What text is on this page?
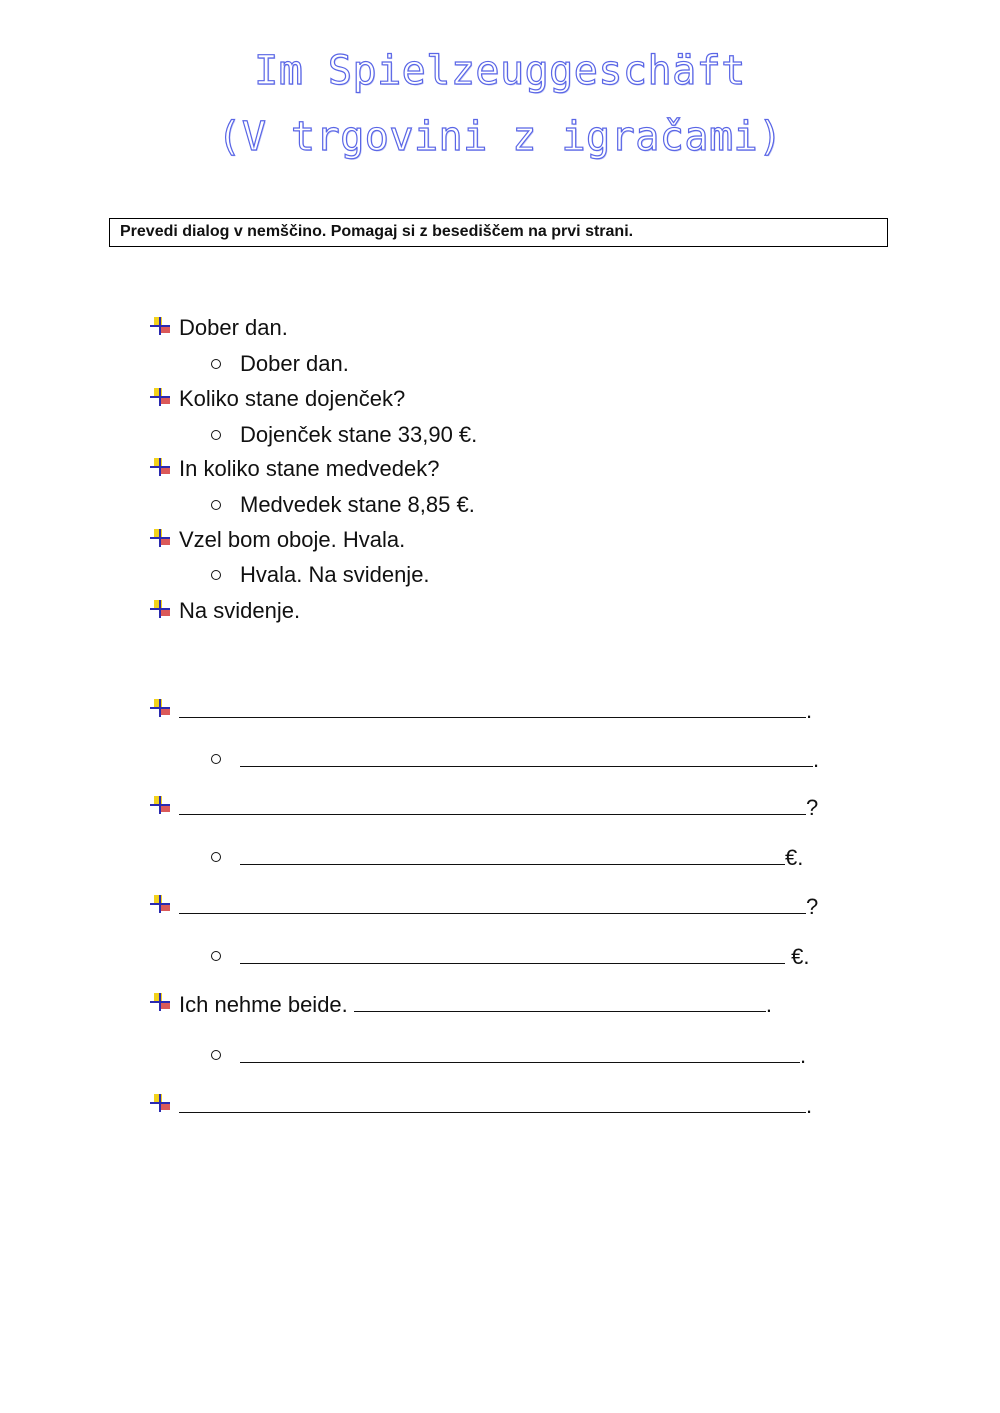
Im Spielzeuggeschäft
(V trgovini z igračami)
Prevedi dialog v nemščino. Pomagaj si z besediščem na prvi strani.
Dober dan.
Dober dan.
Koliko stane dojenček?
Dojenček stane 33,90 €.
In koliko stane medvedek?
Medvedek stane 8,85 €.
Vzel bom oboje. Hvala.
Hvala. Na svidenje.
Na svidenje.
.
.
?
€.
?
€.
Ich nehme beide.	.
.
.
